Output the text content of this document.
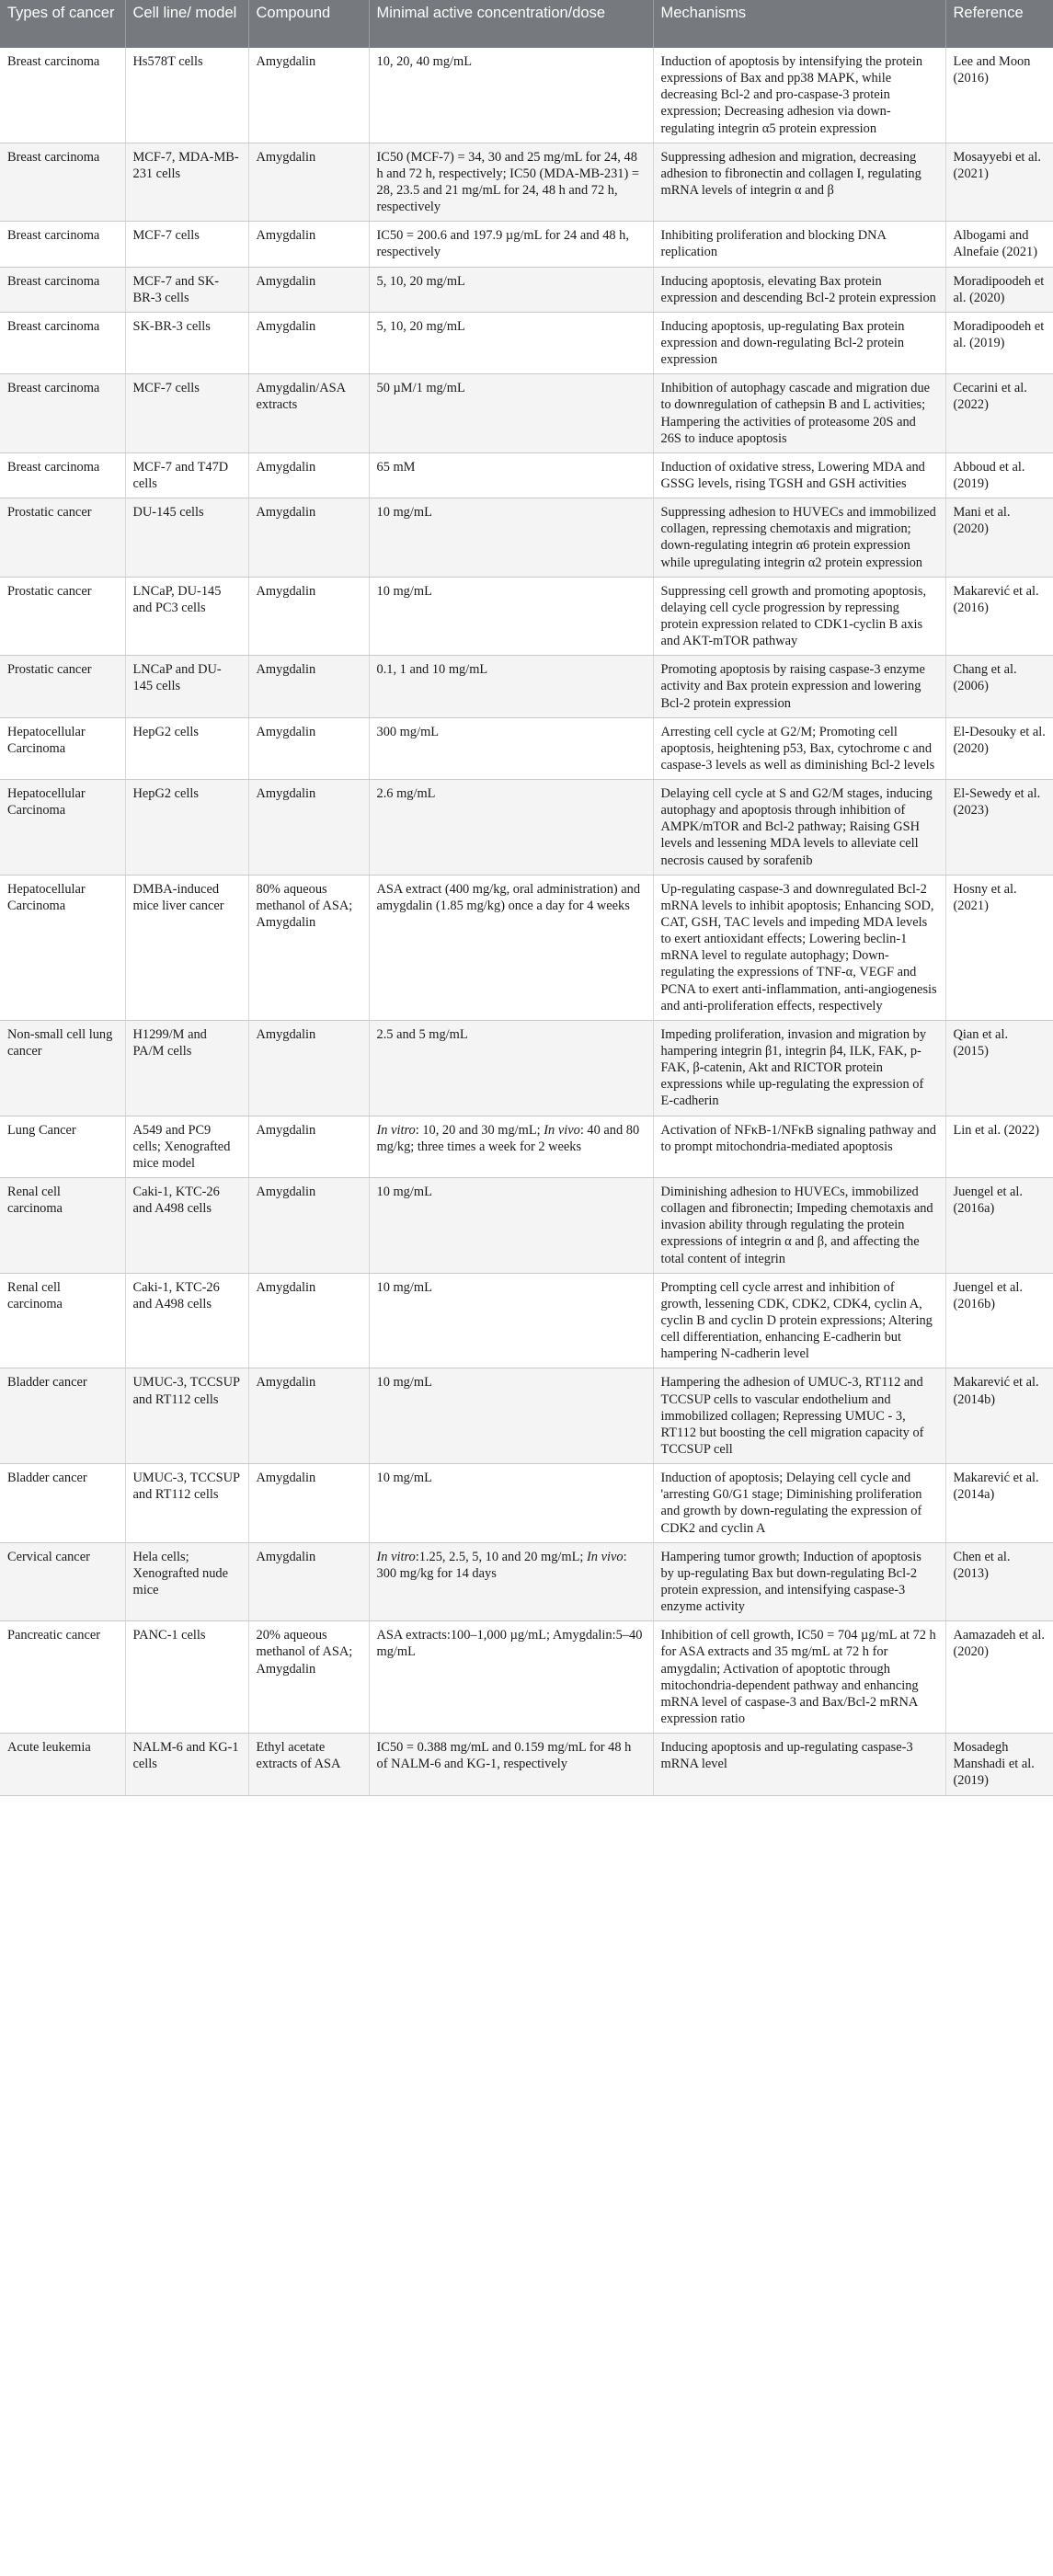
Types of cancer	Cell line/ model	Compound	Minimal active concentration/dose	Mechanisms	Reference
Breast carcinoma	Hs578T cells	Amygdalin	10, 20, 40 mg/mL	Induction of apoptosis by intensifying the protein expressions of Bax and pp38 MAPK, while decreasing Bcl-2 and pro-caspase-3 protein expression; Decreasing adhesion via down-regulating integrin α5 protein expression	Lee and Moon (2016)
Breast carcinoma	MCF-7, MDA-MB-231 cells	Amygdalin	IC50 (MCF-7) = 34, 30 and 25 mg/mL for 24, 48 h and 72 h, respectively; IC50 (MDA-MB-231) = 28, 23.5 and 21 mg/mL for 24, 48 h and 72 h, respectively	Suppressing adhesion and migration, decreasing adhesion to fibronectin and collagen I, regulating mRNA levels of integrin α and β	Mosayyebi et al. (2021)
Breast carcinoma	MCF-7 cells	Amygdalin	IC50 = 200.6 and 197.9 µg/mL for 24 and 48 h, respectively	Inhibiting proliferation and blocking DNA replication	Albogami and Alnefaie (2021)
Breast carcinoma	MCF-7 and SK-BR-3 cells	Amygdalin	5, 10, 20 mg/mL	Inducing apoptosis, elevating Bax protein expression and descending Bcl-2 protein expression	Moradipoodeh et al. (2020)
Breast carcinoma	SK-BR-3 cells	Amygdalin	5, 10, 20 mg/mL	Inducing apoptosis, up-regulating Bax protein expression and down-regulating Bcl-2 protein expression	Moradipoodeh et al. (2019)
Breast carcinoma	MCF-7 cells	Amygdalin/ASA extracts	50 µM/1 mg/mL	Inhibition of autophagy cascade and migration due to downregulation of cathepsin B and L activities; Hampering the activities of proteasome 20S and 26S to induce apoptosis	Cecarini et al. (2022)
Breast carcinoma	MCF-7 and T47D cells	Amygdalin	65 mM	Induction of oxidative stress, Lowering MDA and GSSG levels, rising TGSH and GSH activities	Abboud et al. (2019)
Prostatic cancer	DU-145 cells	Amygdalin	10 mg/mL	Suppressing adhesion to HUVECs and immobilized collagen, repressing chemotaxis and migration; down-regulating integrin α6 protein expression while upregulating integrin α2 protein expression	Mani et al. (2020)
Prostatic cancer	LNCaP, DU-145 and PC3 cells	Amygdalin	10 mg/mL	Suppressing cell growth and promoting apoptosis, delaying cell cycle progression by repressing protein expression related to CDK1-cyclin B axis and AKT-mTOR pathway	Makarević et al. (2016)
Prostatic cancer	LNCaP and DU-145 cells	Amygdalin	0.1, 1 and 10 mg/mL	Promoting apoptosis by raising caspase-3 enzyme activity and Bax protein expression and lowering Bcl-2 protein expression	Chang et al. (2006)
Hepatocellular Carcinoma	HepG2 cells	Amygdalin	300 mg/mL	Arresting cell cycle at G2/M; Promoting cell apoptosis, heightening p53, Bax, cytochrome c and caspase-3 levels as well as diminishing Bcl-2 levels	El-Desouky et al. (2020)
Hepatocellular Carcinoma	HepG2 cells	Amygdalin	2.6 mg/mL	Delaying cell cycle at S and G2/M stages, inducing autophagy and apoptosis through inhibition of AMPK/mTOR and Bcl-2 pathway; Raising GSH levels and lessening MDA levels to alleviate cell necrosis caused by sorafenib	El-Sewedy et al. (2023)
Hepatocellular Carcinoma	DMBA-induced mice liver cancer	80% aqueous methanol of ASA; Amygdalin	ASA extract (400 mg/kg, oral administration) and amygdalin (1.85 mg/kg) once a day for 4 weeks	Up-regulating caspase-3 and downregulated Bcl-2 mRNA levels to inhibit apoptosis; Enhancing SOD, CAT, GSH, TAC levels and impeding MDA levels to exert antioxidant effects; Lowering beclin-1 mRNA level to regulate autophagy; Down-regulating the expressions of TNF-α, VEGF and PCNA to exert anti-inflammation, anti-angiogenesis and anti-proliferation effects, respectively	Hosny et al. (2021)
Non-small cell lung cancer	H1299/M and PA/M cells	Amygdalin	2.5 and 5 mg/mL	Impeding proliferation, invasion and migration by hampering integrin β1, integrin β4, ILK, FAK, p-FAK, β-catenin, Akt and RICTOR protein expressions while up-regulating the expression of E-cadherin	Qian et al. (2015)
Lung Cancer	A549 and PC9 cells; Xenografted mice model	Amygdalin	In vitro: 10, 20 and 30 mg/mL; In vivo: 40 and 80 mg/kg; three times a week for 2 weeks	Activation of NFκB-1/NFκB signaling pathway and to prompt mitochondria-mediated apoptosis	Lin et al. (2022)
Renal cell carcinoma	Caki-1, KTC-26 and A498 cells	Amygdalin	10 mg/mL	Diminishing adhesion to HUVECs, immobilized collagen and fibronectin; Impeding chemotaxis and invasion ability through regulating the protein expressions of integrin α and β, and affecting the total content of integrin	Juengel et al. (2016a)
Renal cell carcinoma	Caki-1, KTC-26 and A498 cells	Amygdalin	10 mg/mL	Prompting cell cycle arrest and inhibition of growth, lessening CDK, CDK2, CDK4, cyclin A, cyclin B and cyclin D protein expressions; Altering cell differentiation, enhancing E-cadherin but hampering N-cadherin level	Juengel et al. (2016b)
Bladder cancer	UMUC-3, TCCSUP and RT112 cells	Amygdalin	10 mg/mL	Hampering the adhesion of UMUC-3, RT112 and TCCSUP cells to vascular endothelium and immobilized collagen; Repressing UMUC - 3, RT112 but boosting the cell migration capacity of TCCSUP cell	Makarević et al. (2014b)
Bladder cancer	UMUC-3, TCCSUP and RT112 cells	Amygdalin	10 mg/mL	Induction of apoptosis; Delaying cell cycle and 'arresting G0/G1 stage; Diminishing proliferation and growth by down-regulating the expression of CDK2 and cyclin A	Makarević et al. (2014a)
Cervical cancer	Hela cells; Xenografted nude mice	Amygdalin	In vitro:1.25, 2.5, 5, 10 and 20 mg/mL; In vivo: 300 mg/kg for 14 days	Hampering tumor growth; Induction of apoptosis by up-regulating Bax but down-regulating Bcl-2 protein expression, and intensifying caspase-3 enzyme activity	Chen et al. (2013)
Pancreatic cancer	PANC-1 cells	20% aqueous methanol of ASA; Amygdalin	ASA extracts:100–1,000 µg/mL; Amygdalin:5–40 mg/mL	Inhibition of cell growth, IC50 = 704 µg/mL at 72 h for ASA extracts and 35 mg/mL at 72 h for amygdalin; Activation of apoptotic through mitochondria-dependent pathway and enhancing mRNA level of caspase-3 and Bax/Bcl-2 mRNA expression ratio	Aamazadeh et al. (2020)
Acute leukemia	NALM-6 and KG-1 cells	Ethyl acetate extracts of ASA	IC50 = 0.388 mg/mL and 0.159 mg/mL for 48 h of NALM-6 and KG-1, respectively	Inducing apoptosis and up-regulating caspase-3 mRNA level	Mosadegh Manshadi et al. (2019)
